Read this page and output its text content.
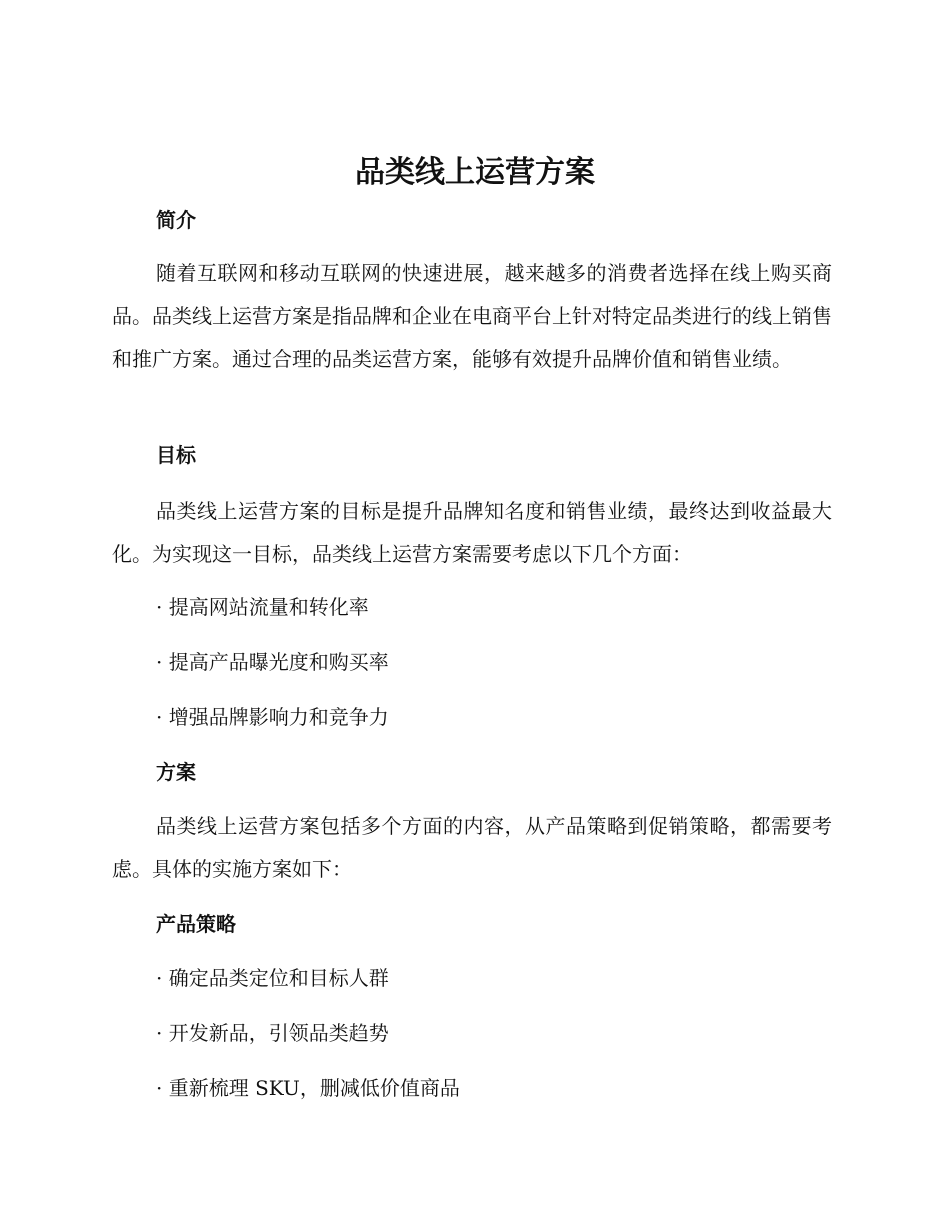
品类线上运营方案
简介

随着互联网和移动互联网的快速进展，越来越多的消费者选择在线上购买商品。品类线上运营方案是指品牌和企业在电商平台上针对特定品类进行的线上销售和推广方案。通过合理的品类运营方案，能够有效提升品牌价值和销售业绩。

目标

品类线上运营方案的目标是提升品牌知名度和销售业绩，最终达到收益最大化。为实现这一目标，品类线上运营方案需要考虑以下几个方面：

· 提高网站流量和转化率
· 提高产品曝光度和购买率
· 增强品牌影响力和竞争力
方案

品类线上运营方案包括多个方面的内容，从产品策略到促销策略，都需要考虑。具体的实施方案如下：

产品策略
· 确定品类定位和目标人群
· 开发新品，引领品类趋势
· 重新梳理 SKU，删减低价值商品
